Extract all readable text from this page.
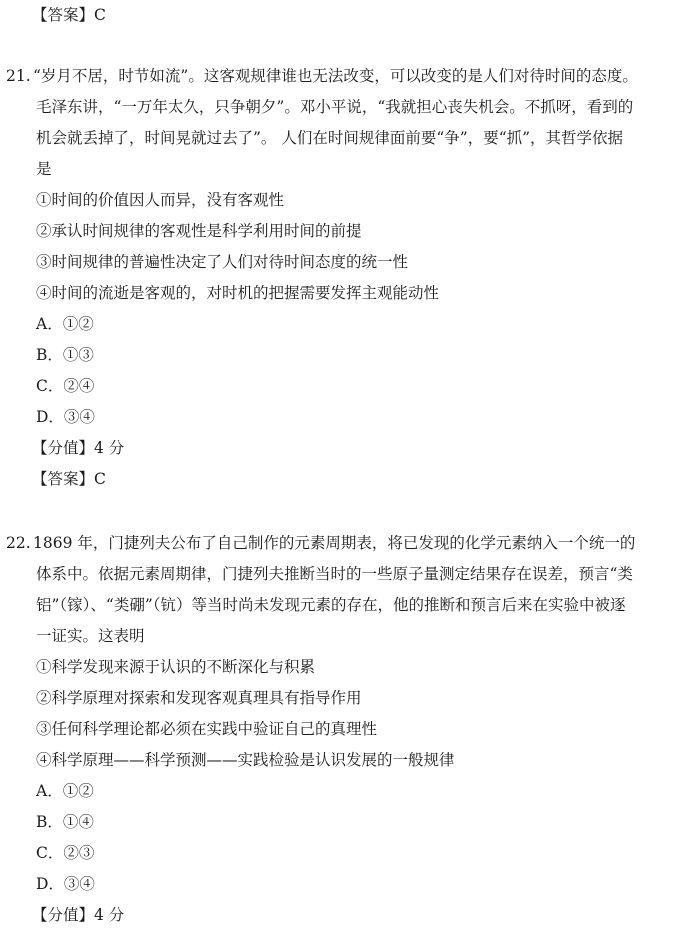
【答案】C
21. “岁月不居，时节如流”。这客观规律谁也无法改变，可以改变的是人们对待时间的态度。
毛泽东讲，“一万年太久，只争朝夕”。邓小平说，“我就担心丧失机会。不抓呀，看到的
机会就丢掉了，时间晃就过去了”。 人们在时间规律面前要“争”，要“抓”，其哲学依据
是
①时间的价值因人而异，没有客观性
②承认时间规律的客观性是科学利用时间的前提
③时间规律的普遍性决定了人们对待时间态度的统一性
④时间的流逝是客观的，对时机的把握需要发挥主观能动性
A．①②
B．①③
C．②④
D．③④
【分值】4 分
【答案】C
22. 1869 年，门捷列夫公布了自己制作的元素周期表，将已发现的化学元素纳入一个统一的
体系中。依据元素周期律，门捷列夫推断当时的一些原子量测定结果存在误差，预言“类
铝”（镓）、“类硼”（钪）等当时尚未发现元素的存在，他的推断和预言后来在实验中被逐
一证实。这表明
①科学发现来源于认识的不断深化与积累
②科学原理对探索和发现客观真理具有指导作用
③任何科学理论都必须在实践中验证自己的真理性
④科学原理——科学预测——实践检验是认识发展的一般规律
A．①②
B．①④
C．②③
D．③④
【分值】4 分
